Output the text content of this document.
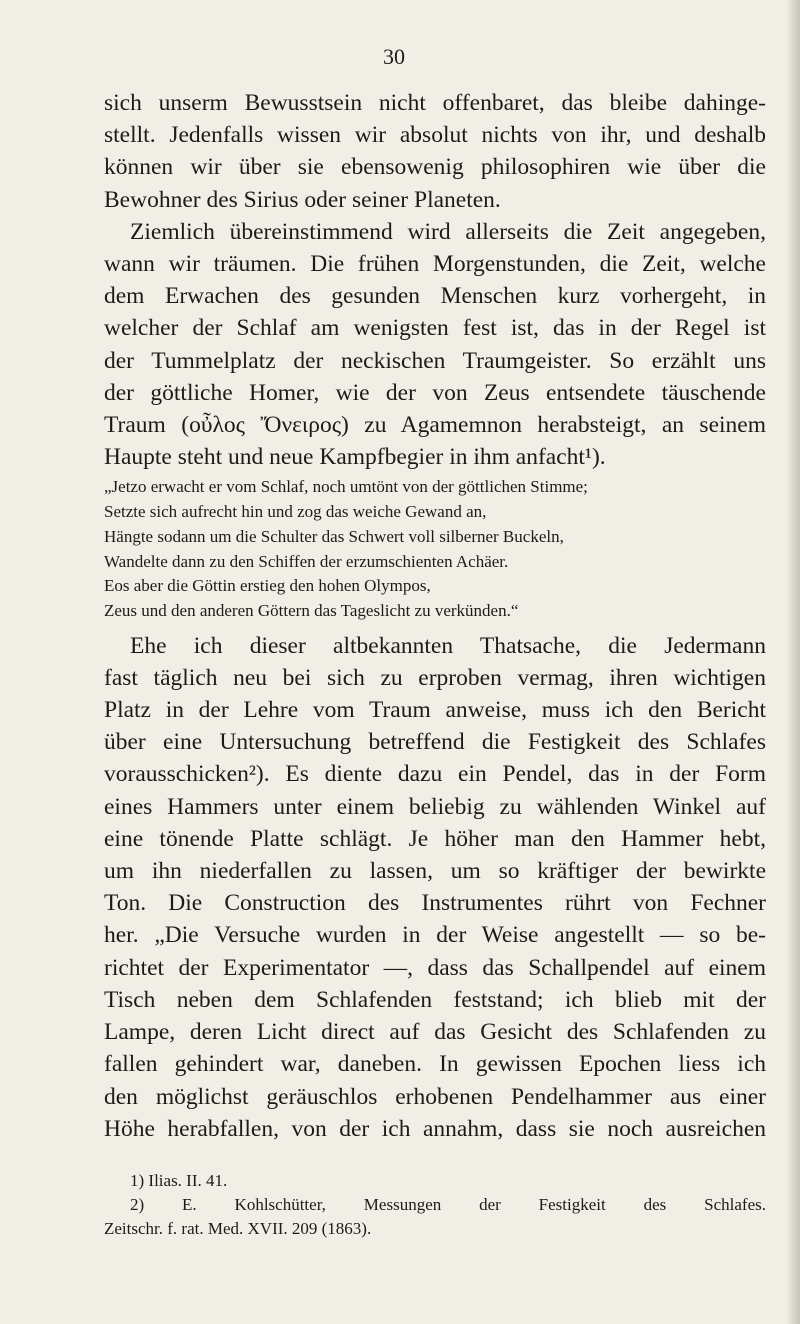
30
sich unserm Bewusstsein nicht offenbaret, das bleibe dahinge-
stellt. Jedenfalls wissen wir absolut nichts von ihr, und deshalb
können wir über sie ebensowenig philosophiren wie über die
Bewohner des Sirius oder seiner Planeten.
Ziemlich übereinstimmend wird allerseits die Zeit angegeben,
wann wir träumen. Die frühen Morgenstunden, die Zeit, welche
dem Erwachen des gesunden Menschen kurz vorhergeht, in
welcher der Schlaf am wenigsten fest ist, das in der Regel ist
der Tummelplatz der neckischen Traumgeister. So erzählt uns
der göttliche Homer, wie der von Zeus entsendete täuschende
Traum (οὖλος Ὄνειρος) zu Agamemnon herabsteigt, an seinem
Haupte steht und neue Kampfbegier in ihm anfacht¹).
„Jetzo erwacht er vom Schlaf, noch umtönt von der göttlichen Stimme;
Setzte sich aufrecht hin und zog das weiche Gewand an,
Hängte sodann um die Schulter das Schwert voll silberner Buckeln,
Wandelte dann zu den Schiffen der erzumschienten Achäer.
Eos aber die Göttin erstieg den hohen Olympos,
Zeus und den anderen Göttern das Tageslicht zu verkünden.“
Ehe ich dieser altbekannten Thatsache, die Jedermann
fast täglich neu bei sich zu erproben vermag, ihren wichtigen
Platz in der Lehre vom Traum anweise, muss ich den Bericht
über eine Untersuchung betreffend die Festigkeit des Schlafes
vorausschicken²). Es diente dazu ein Pendel, das in der Form
eines Hammers unter einem beliebig zu wählenden Winkel auf
eine tönende Platte schlägt. Je höher man den Hammer hebt,
um ihn niederfallen zu lassen, um so kräftiger der bewirkte
Ton. Die Construction des Instrumentes rührt von Fechner
her. „Die Versuche wurden in der Weise angestellt — so be-
richtet der Experimentator —, dass das Schallpendel auf einem
Tisch neben dem Schlafenden feststand; ich blieb mit der
Lampe, deren Licht direct auf das Gesicht des Schlafenden zu
fallen gehindert war, daneben. In gewissen Epochen liess ich
den möglichst geräuschlos erhobenen Pendelhammer aus einer
Höhe herabfallen, von der ich annahm, dass sie noch ausreichen
1) Ilias. II. 41.
2) E. Kohlschütter, Messungen der Festigkeit des Schlafes.
Zeitschr. f. rat. Med. XVII. 209 (1863).
